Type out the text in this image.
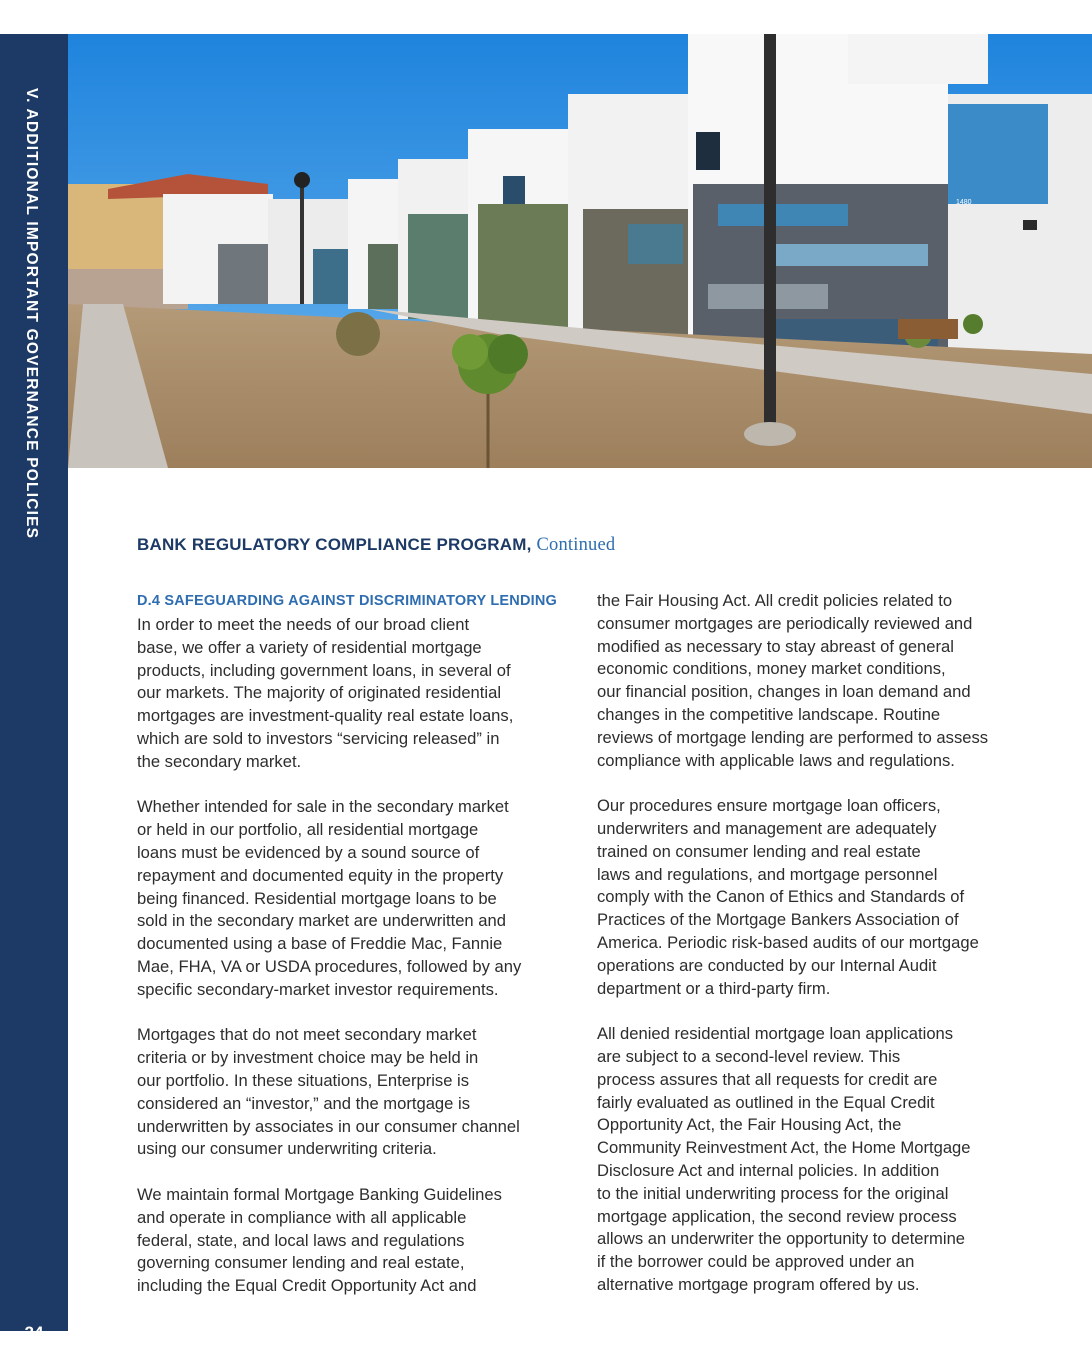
V. ADDITIONAL IMPORTANT GOVERNANCE POLICIES
24
1480
BANK REGULATORY COMPLIANCE PROGRAM, Continued
D.4 SAFEGUARDING AGAINST DISCRIMINATORY LENDING

In order to meet the needs of our broad client
base, we offer a variety of residential mortgage
products, including government loans, in several of
our markets. The majority of originated residential
mortgages are investment-quality real estate loans,
which are sold to investors “servicing released” in
the secondary market.

Whether intended for sale in the secondary market
or held in our portfolio, all residential mortgage
loans must be evidenced by a sound source of
repayment and documented equity in the property
being financed. Residential mortgage loans to be
sold in the secondary market are underwritten and
documented using a base of Freddie Mac, Fannie
Mae, FHA, VA or USDA procedures, followed by any
specific secondary-market investor requirements.

Mortgages that do not meet secondary market
criteria or by investment choice may be held in
our portfolio. In these situations, Enterprise is
considered an “investor,” and the mortgage is
underwritten by associates in our consumer channel
using our consumer underwriting criteria.

We maintain formal Mortgage Banking Guidelines
and operate in compliance with all applicable
federal, state, and local laws and regulations
governing consumer lending and real estate,
including the Equal Credit Opportunity Act and

the Fair Housing Act. All credit policies related to
consumer mortgages are periodically reviewed and
modified as necessary to stay abreast of general
economic conditions, money market conditions,
our financial position, changes in loan demand and
changes in the competitive landscape. Routine
reviews of mortgage lending are performed to assess
compliance with applicable laws and regulations.

Our procedures ensure mortgage loan officers,
underwriters and management are adequately
trained on consumer lending and real estate
laws and regulations, and mortgage personnel
comply with the Canon of Ethics and Standards of
Practices of the Mortgage Bankers Association of
America. Periodic risk-based audits of our mortgage
operations are conducted by our Internal Audit
department or a third-party firm.

All denied residential mortgage loan applications
are subject to a second-level review. This
process assures that all requests for credit are
fairly evaluated as outlined in the Equal Credit
Opportunity Act, the Fair Housing Act, the
Community Reinvestment Act, the Home Mortgage
Disclosure Act and internal policies. In addition
to the initial underwriting process for the original
mortgage application, the second review process
allows an underwriter the opportunity to determine
if the borrower could be approved under an
alternative mortgage program offered by us.
